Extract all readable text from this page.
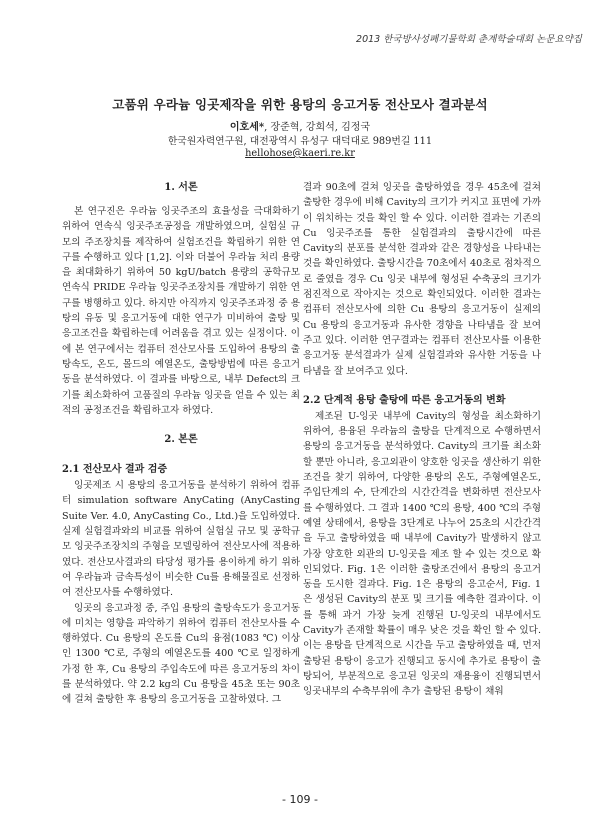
2013 한국방사성폐기물학회 춘계학술대회 논문요약집
고품위 우라늄 잉곳제작을 위한 용탕의 응고거동 전산모사 결과분석
이호세*, 장준혁, 강희석, 김정국
한국원자력연구원, 대전광역시 유성구 대덕대로 989번길 111
hellohose@kaeri.re.kr
1. 서론

본 연구진은 우라늄 잉곳주조의 효율성을 극대화하기 위하여 연속식 잉곳주조공정을 개발하였으며, 실험실 규모의 주조장치를 제작하여 실험조건을 확립하기 위한 연구를 수행하고 있다 [1,2]. 이와 더불어 우라늄 처리 용량을 최대화하기 위하여 50 kgU/batch 용량의 공학규모 연속식 PRIDE 우라늄 잉곳주조장치를 개발하기 위한 연구를 병행하고 있다. 하지만 아직까지 잉곳주조과정 중 용탕의 유동 및 응고거동에 대한 연구가 미비하여 출탕 및 응고조건을 확립하는데 어려움을 겪고 있는 실정이다. 이에 본 연구에서는 컴퓨터 전산모사를 도입하여 용탕의 출탕속도, 온도, 몰드의 예열온도, 출탕방법에 따른 응고거동을 분석하였다. 이 결과를 바탕으로, 내부 Defect의 크기를 최소화하여 고품질의 우라늄 잉곳을 얻을 수 있는 최적의 공정조건을 확립하고자 하였다.

2. 본론
2.1 전산모사 결과 검증

잉곳제조 시 용탕의 응고거동을 분석하기 위하여 컴퓨터 simulation software AnyCating (AnyCasting Suite Ver. 4.0, AnyCasting Co., Ltd.)을 도입하였다. 실제 실험결과와의 비교를 위하여 실험실 규모 및 공학규모 잉곳주조장치의 주형을 모델링하여 전산모사에 적용하였다. 전산모사결과의 타당성 평가를 용이하게 하기 위하여 우라늄과 금속특성이 비슷한 Cu를 용해물질로 선정하여 전산모사를 수행하였다.

잉곳의 응고과정 중, 주입 용탕의 출탕속도가 응고거동에 미치는 영향을 파악하기 위하여 컴퓨터 전산모사를 수행하였다. Cu 용탕의 온도를 Cu의 융점(1083 ℃) 이상인 1300 ℃로, 주형의 예열온도를 400 ℃로 일정하게 가정 한 후, Cu 용탕의 주입속도에 따른 응고거동의 차이를 분석하였다. 약 2.2 kg의 Cu 용탕을 45초 또는 90초에 걸쳐 출탕한 후 용탕의 응고거동을 고찰하였다. 그

결과 90초에 걸쳐 잉곳을 출탕하였을 경우 45초에 걸쳐 출탕한 경우에 비해 Cavity의 크기가 커지고 표면에 가까이 위치하는 것을 확인 할 수 있다. 이러한 결과는 기존의 Cu 잉곳주조를 통한 실험결과의 출탕시간에 따른 Cavity의 분포를 분석한 결과와 같은 경향성을 나타내는 것을 확인하였다. 출탕시간을 70초에서 40초로 점차적으로 줄였을 경우 Cu 잉곳 내부에 형성된 수축공의 크기가 점진적으로 작아지는 것으로 확인되었다. 이러한 결과는 컴퓨터 전산모사에 의한 Cu 용탕의 응고거동이 실제의 Cu 용탕의 응고거동과 유사한 경향을 나타냄을 잘 보여주고 있다. 이러한 연구결과는 컴퓨터 전산모사를 이용한 응고거동 분석결과가 실제 실험결과와 유사한 거동을 나타냄을 잘 보여주고 있다.

2.2 단계적 용탕 출탕에 따른 응고거동의 변화

제조된 U-잉곳 내부에 Cavity의 형성을 최소화하기 위하여, 용융된 우라늄의 출탕을 단계적으로 수행하면서 용탕의 응고거동을 분석하였다. Cavity의 크기를 최소화 할 뿐만 아니라, 응고외관이 양호한 잉곳을 생산하기 위한 조건을 찾기 위하여, 다양한 용탕의 온도, 주형예열온도, 주입단계의 수, 단계간의 시간간격을 변화하면 전산모사를 수행하였다. 그 결과 1400 ℃의 용탕, 400 ℃의 주형예열 상태에서, 용탕을 3단계로 나누어 25초의 시간간격을 두고 출탕하였을 때 내부에 Cavity가 발생하지 않고 가장 양호한 외관의 U-잉곳을 제조 할 수 있는 것으로 확인되었다. Fig. 1은 이러한 출탕조건에서 용탕의 응고거동을 도시한 결과다. Fig. 1은 용탕의 응고순서, Fig. 1은 생성된 Cavity의 분포 및 크기를 예측한 결과이다. 이를 통해 과거 가장 늦게 진행된 U-잉곳의 내부에서도 Cavity가 존재할 확률이 매우 낮은 것을 확인 할 수 있다. 이는 용탕을 단계적으로 시간을 두고 출탕하였을 때, 먼저 출탕된 용탕이 응고가 진행되고 동시에 추가로 용탕이 출탕되어, 부분적으로 응고된 잉곳의 재용융이 진행되면서 잉곳내부의 수축부위에 추가 출탕된 용탕이 채워

- 109 -
